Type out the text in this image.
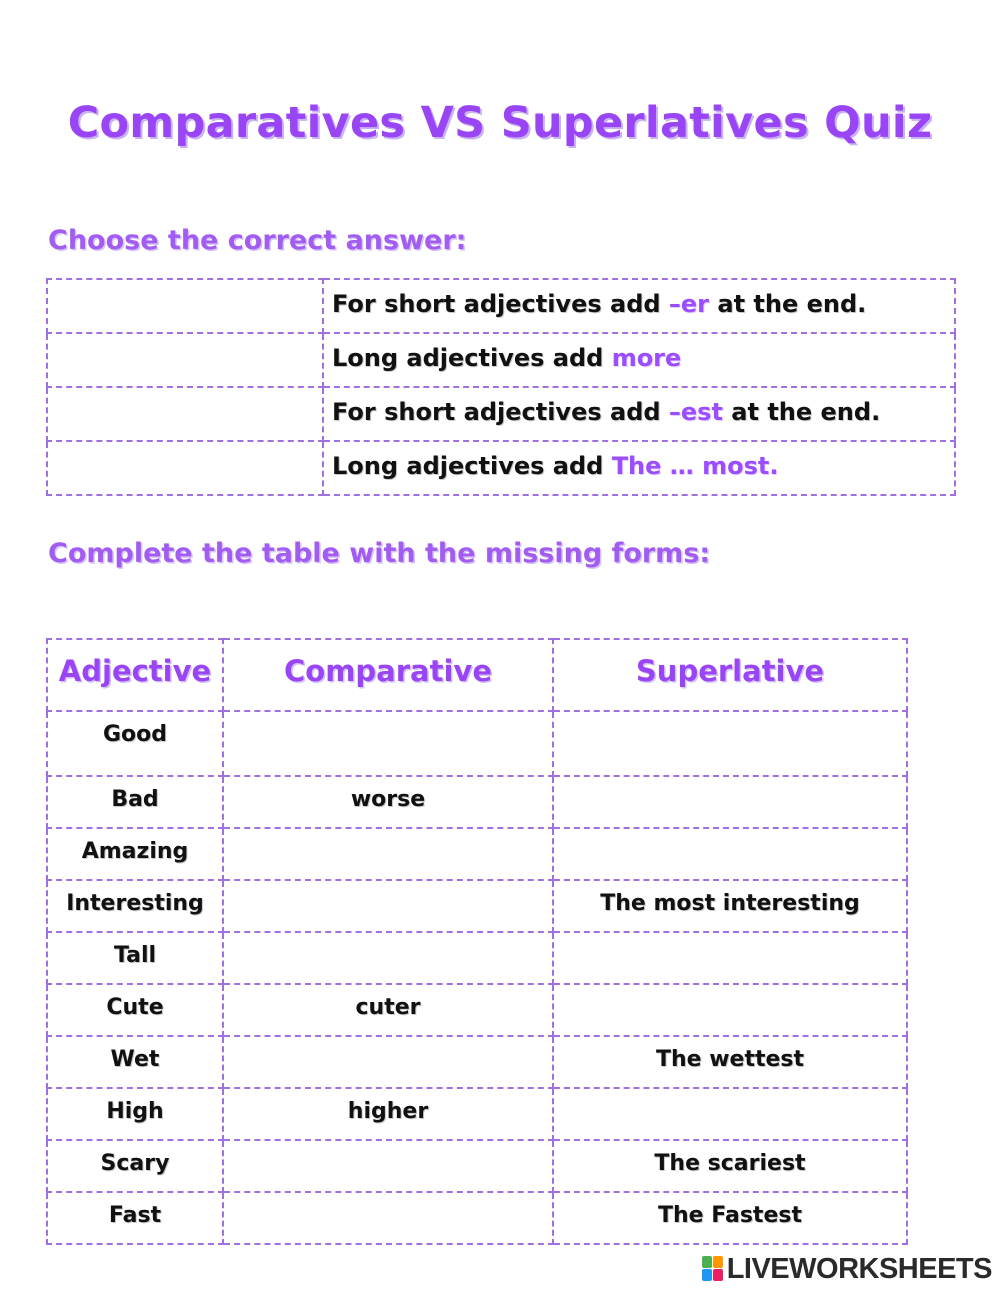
Comparatives VS Superlatives Quiz
Choose the correct answer:
	For short adjectives add –er at the end.
	Long adjectives add more
	For short adjectives add –est at the end.
	Long adjectives add The … most.
Complete the table with the missing forms:
Adjective	Comparative	Superlative
Good		
Bad	worse	
Amazing		
Interesting		The most interesting
Tall		
Cute	cuter	
Wet		The wettest
High	higher	
Scary		The scariest
Fast		The Fastest
LIVEWORKSHEETS
